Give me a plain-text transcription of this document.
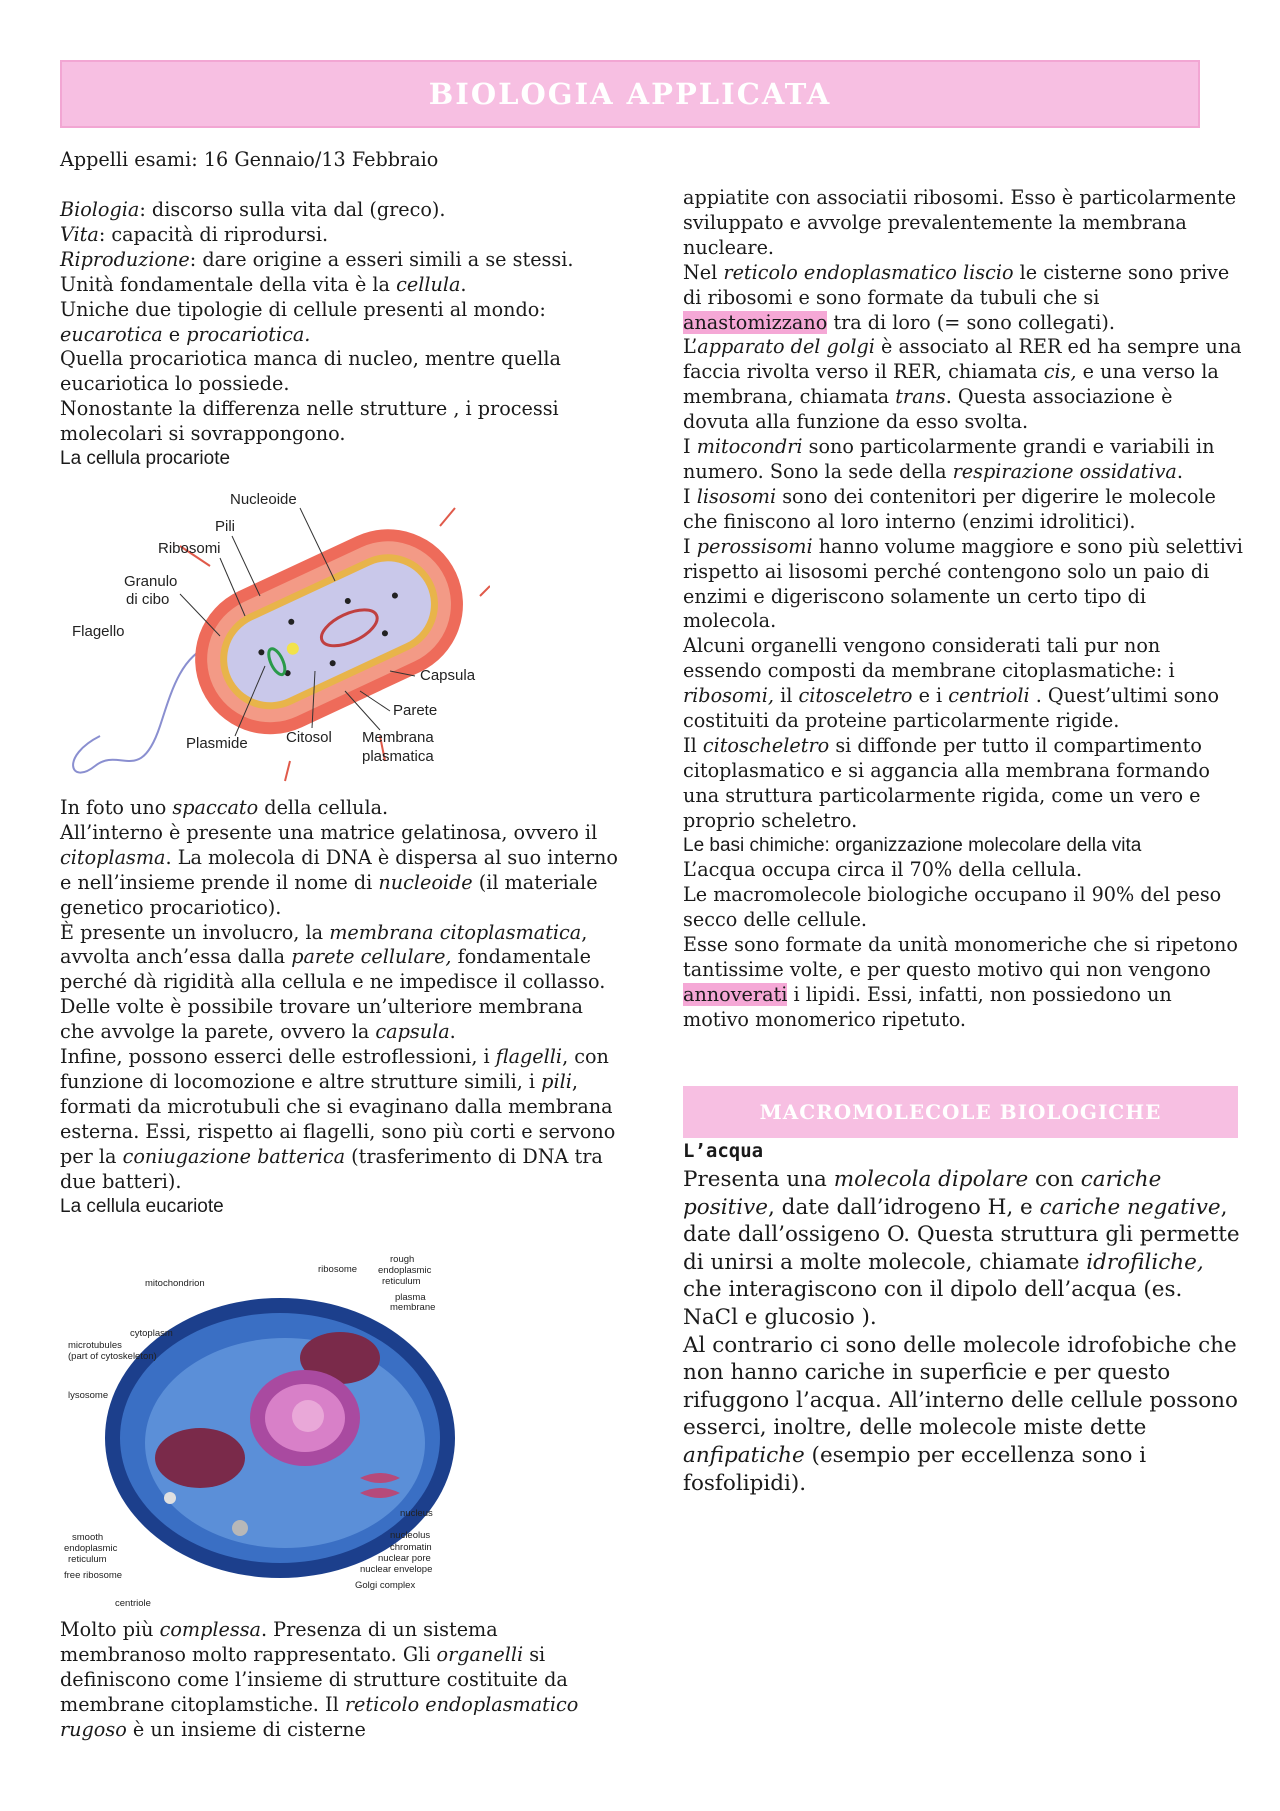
BIOLOGIA APPLICATA

Appelli esami: 16 Gennaio/13 Febbraio

Biologia: discorso sulla vita dal (greco).

Vita: capacità di riprodursi.

Riproduzione: dare origine a esseri simili a se stessi.

Unità fondamentale della vita è la cellula.

Uniche due tipologie di cellule presenti al mondo:
eucarotica e procariotica.

Quella procariotica manca di nucleo, mentre quella eucariotica lo possiede.

Nonostante la differenza nelle strutture , i processi molecolari si sovrappongono.

La cellula procariote

Nucleoide
Pili
Ribosomi
Granulo
di cibo
Flagello
Capsula
Parete
Plasmide	Citosol Membrana
plasmatica

In foto uno spaccato della cellula.

All’interno è presente una matrice gelatinosa, ovvero il citoplasma. La molecola di DNA è dispersa al suo interno e nell’insieme prende il nome di nucleoide (il materiale genetico procariotico).

È presente un involucro, la membrana citoplasmatica, avvolta anch’essa dalla parete cellulare, fondamentale perché dà rigidità alla cellula e ne impedisce il collasso. Delle volte è possibile trovare un’ulteriore membrana che avvolge la parete, ovvero la capsula.

Infine, possono esserci delle estroflessioni, i flagelli, con funzione di locomozione e altre strutture simili, i pili, formati da microtubuli che si evaginano dalla membrana esterna. Essi, rispetto ai flagelli, sono più corti e servono per la coniugazione batterica (trasferimento di DNA tra due batteri).

La cellula eucariote

ribosome
rough
endoplasmic
reticulum
mitochondrion
plasma
membrane
cytoplasm
microtubules
(part of cytoskeleton)
lysosome
nucleus
smooth
endoplasmic
reticulum
nucleolus
chromatin
nuclear pore
nuclear envelope
free ribosome
Golgi complex
centriole

Molto più complessa. Presenza di un sistema membranoso molto rappresentato. Gli organelli si definiscono come l’insieme di strutture costituite da membrane citoplamstiche. Il reticolo endoplasmatico rugoso è un insieme di cisterne

appiatite con associatii ribosomi. Esso è particolarmente sviluppato e avvolge prevalentemente la membrana nucleare.

Nel reticolo endoplasmatico liscio le cisterne sono prive di ribosomi e sono formate da tubuli che si anastomizzano tra di loro (= sono collegati).

L’apparato del golgi è associato al RER ed ha sempre una faccia rivolta verso il RER, chiamata cis, e una verso la membrana, chiamata trans. Questa associazione è dovuta alla funzione da esso svolta.

I mitocondri sono particolarmente grandi e variabili in numero. Sono la sede della respirazione ossidativa.

I lisosomi sono dei contenitori per digerire le molecole che finiscono al loro interno (enzimi idrolitici).

I perossisomi hanno volume maggiore e sono più selettivi rispetto ai lisosomi perché contengono solo un paio di enzimi e digeriscono solamente un certo tipo di molecola.

Alcuni organelli vengono considerati tali pur non essendo composti da membrane citoplasmatiche: i ribosomi, il citosceletro e i centrioli . Quest’ultimi sono costituiti da proteine particolarmente rigide.

Il citoscheletro si diffonde per tutto il compartimento citoplasmatico e si aggancia alla membrana formando una struttura particolarmente rigida, come un vero e proprio scheletro.

Le basi chimiche: organizzazione molecolare della vita

L’acqua occupa circa il 70% della cellula.

Le macromolecole biologiche occupano il 90% del peso secco delle cellule.

Esse sono formate da unità monomeriche che si ripetono tantissime volte, e per questo motivo qui non vengono annoverati i lipidi. Essi, infatti, non possiedono un motivo monomerico ripetuto.

MACROMOLECOLE BIOLOGICHE
L’acqua

Presenta una molecola dipolare con cariche positive, date dall’idrogeno H, e cariche negative, date dall’ossigeno O. Questa struttura gli permette di unirsi a molte molecole, chiamate idrofiliche, che interagiscono con il dipolo dell’acqua (es. NaCl e glucosio ).

Al contrario ci sono delle molecole idrofobiche che non hanno cariche in superficie e per questo rifuggono l’acqua. All’interno delle cellule possono esserci, inoltre, delle molecole miste dette anfipatiche (esempio per eccellenza sono i fosfolipidi).
